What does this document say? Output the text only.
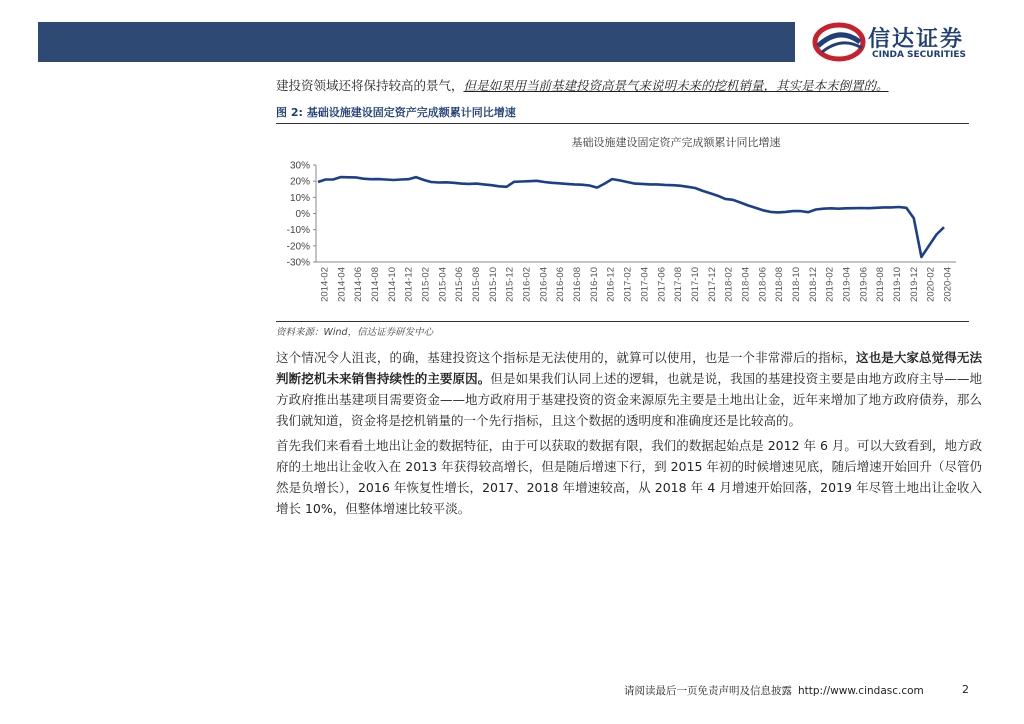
信达证券
CINDA SECURITIES
建投资领域还将保持较高的景气，但是如果用当前基建投资高景气来说明未来的挖机销量，其实是本末倒置的。
图 2: 基础设施建设固定资产完成额累计同比增速
基础设施建设固定资产完成额累计同比增速
30%
20%
10%
0%
-10%
-20%
-30%
2014-02 2014-04 2014-06 2014-08 2014-10 2014-12 2015-02 2015-04 2015-06 2015-08 2015-10 2015-12 2016-02 2016-04 2016-06 2016-08 2016-10 2016-12 2017-02 2017-04 2017-06 2017-08 2017-10 2017-12 2018-02 2018-04 2018-06 2018-08 2018-10 2018-12 2019-02 2019-04 2019-06 2019-08 2019-10 2019-12 2020-02 2020-04
资料来源：Wind，信达证券研发中心
这个情况令人沮丧，的确，基建投资这个指标是无法使用的，就算可以使用，也是一个非常滞后的指标，这也是大家总觉得无法判断挖机未来销售持续性的主要原因。但是如果我们认同上述的逻辑，也就是说，我国的基建投资主要是由地方政府主导——地方政府推出基建项目需要资金——地方政府用于基建投资的资金来源原先主要是土地出让金，近年来增加了地方政府债券，那么我们就知道，资金将是挖机销量的一个先行指标，且这个数据的透明度和准确度还是比较高的。
首先我们来看看土地出让金的数据特征，由于可以获取的数据有限，我们的数据起始点是 2012 年 6 月。可以大致看到，地方政府的土地出让金收入在 2013 年获得较高增长，但是随后增速下行，到 2015 年初的时候增速见底，随后增速开始回升（尽管仍然是负增长），2016 年恢复性增长，2017、2018 年增速较高，从 2018 年 4 月增速开始回落，2019 年尽管土地出让金收入增长 10%，但整体增速比较平淡。
请阅读最后一页免责声明及信息披露 http://www.cindasc.com	2
